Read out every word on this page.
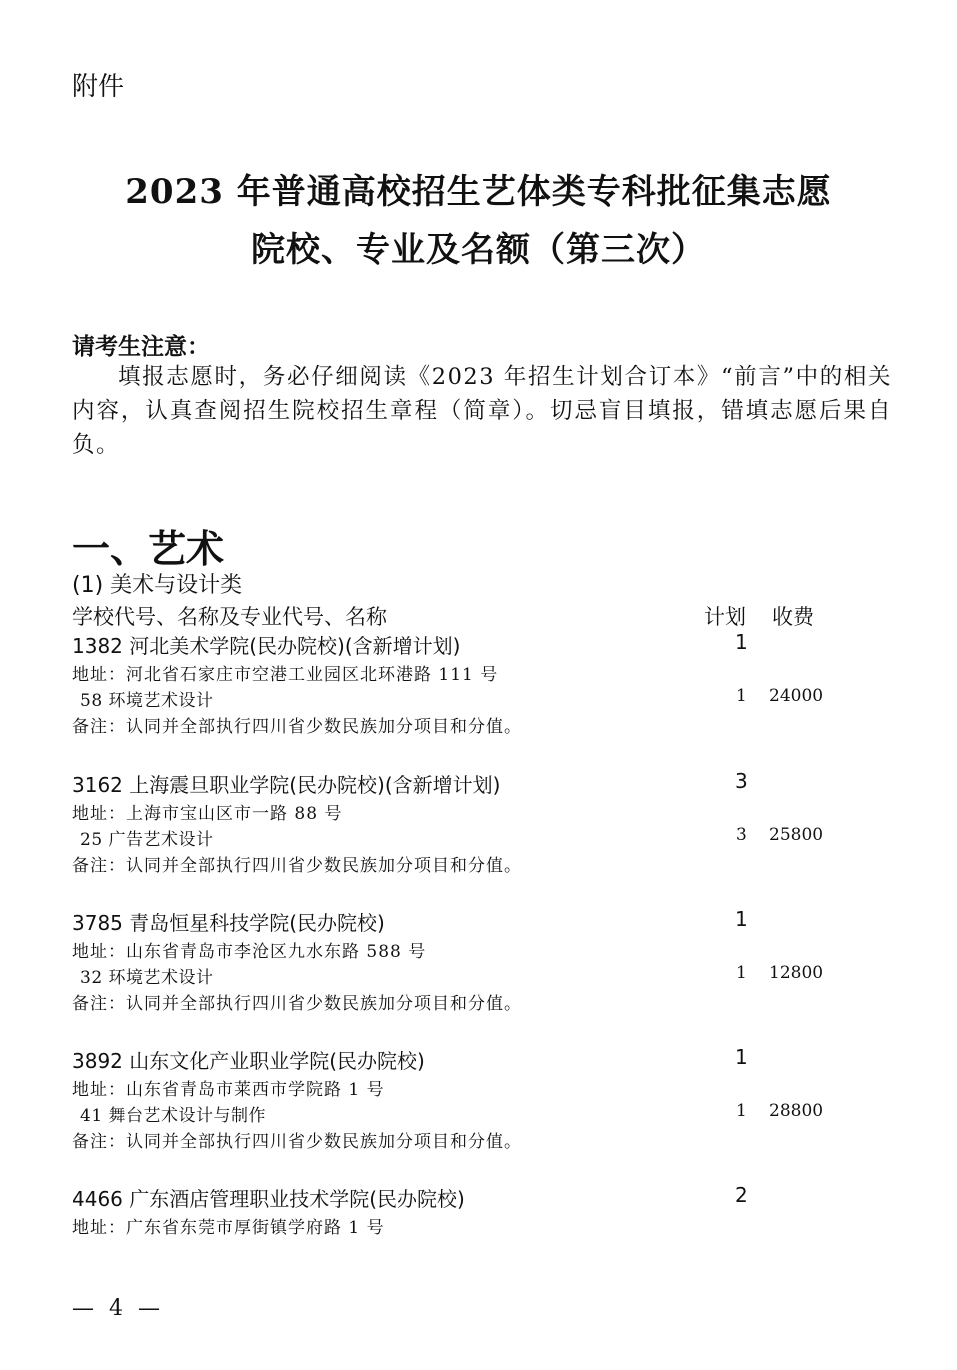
附件
2023 年普通高校招生艺体类专科批征集志愿
院校、专业及名额（第三次）
请考生注意：
填报志愿时，务必仔细阅读《2023 年招生计划合订本》“前言”中的相关内容，认真查阅招生院校招生章程（简章）。切忌盲目填报，错填志愿后果自负。
一、艺术
(1) 美术与设计类
学校代号、名称及专业代号、名称	计划 收费
1382 河北美术学院(民办院校)(含新增计划)	1
地址：河北省石家庄市空港工业园区北环港路 111 号
58 环境艺术设计	1 24000
备注：认同并全部执行四川省少数民族加分项目和分值。
3162 上海震旦职业学院(民办院校)(含新增计划)	3
地址：上海市宝山区市一路 88 号
25 广告艺术设计	3 25800
备注：认同并全部执行四川省少数民族加分项目和分值。
3785 青岛恒星科技学院(民办院校)	1
地址：山东省青岛市李沧区九水东路 588 号
32 环境艺术设计	1 12800
备注：认同并全部执行四川省少数民族加分项目和分值。
3892 山东文化产业职业学院(民办院校)	1
地址：山东省青岛市莱西市学院路 1 号
41 舞台艺术设计与制作	1 28800
备注：认同并全部执行四川省少数民族加分项目和分值。
4466 广东酒店管理职业技术学院(民办院校)	2
地址：广东省东莞市厚街镇学府路 1 号
— 4 —
